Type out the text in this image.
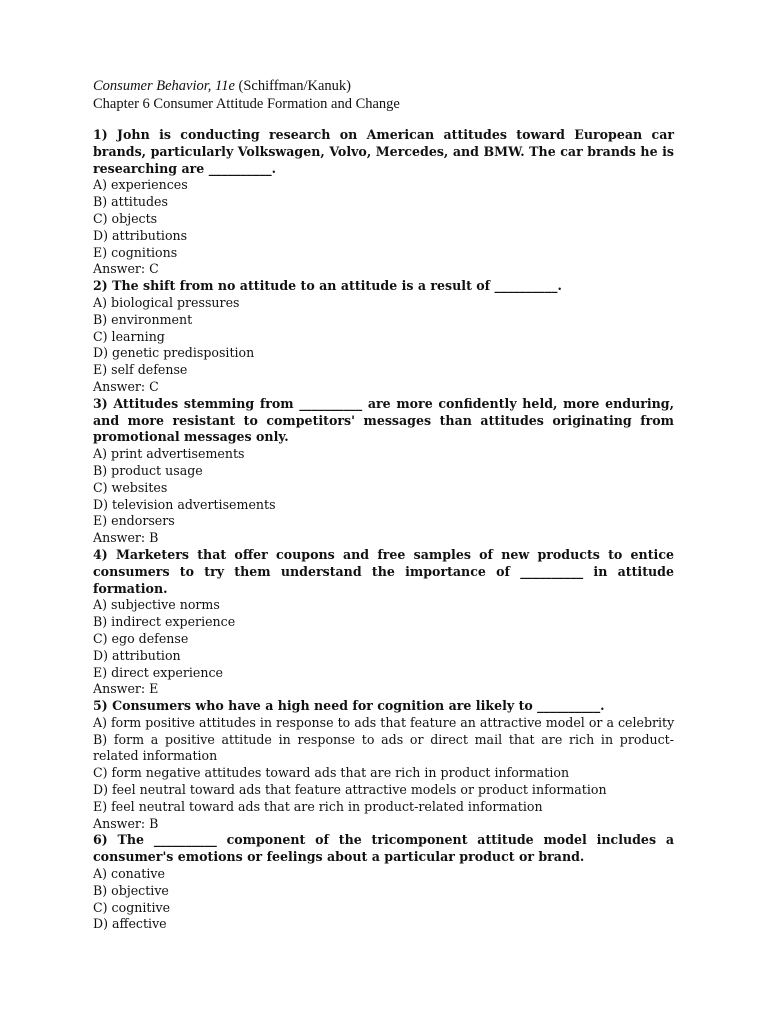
Consumer Behavior, 11e (Schiffman/Kanuk)
Chapter 6 Consumer Attitude Formation and Change
1) John is conducting research on American attitudes toward European car brands, particularly Volkswagen, Volvo, Mercedes, and BMW. The car brands he is researching are __________.
A) experiences
B) attitudes
C) objects
D) attributions
E) cognitions
Answer: C
2) The shift from no attitude to an attitude is a result of __________.
A) biological pressures
B) environment
C) learning
D) genetic predisposition
E) self defense
Answer: C
3) Attitudes stemming from __________ are more confidently held, more enduring, and more resistant to competitors' messages than attitudes originating from promotional messages only.
A) print advertisements
B) product usage
C) websites
D) television advertisements
E) endorsers
Answer: B
4) Marketers that offer coupons and free samples of new products to entice consumers to try them understand the importance of __________ in attitude formation.
A) subjective norms
B) indirect experience
C) ego defense
D) attribution
E) direct experience
Answer: E
5) Consumers who have a high need for cognition are likely to __________.
A) form positive attitudes in response to ads that feature an attractive model or a celebrity
B) form a positive attitude in response to ads or direct mail that are rich in product-related information
C) form negative attitudes toward ads that are rich in product information
D) feel neutral toward ads that feature attractive models or product information
E) feel neutral toward ads that are rich in product-related information
Answer: B
6) The __________ component of the tricomponent attitude model includes a consumer's emotions or feelings about a particular product or brand.
A) conative
B) objective
C) cognitive
D) affective
